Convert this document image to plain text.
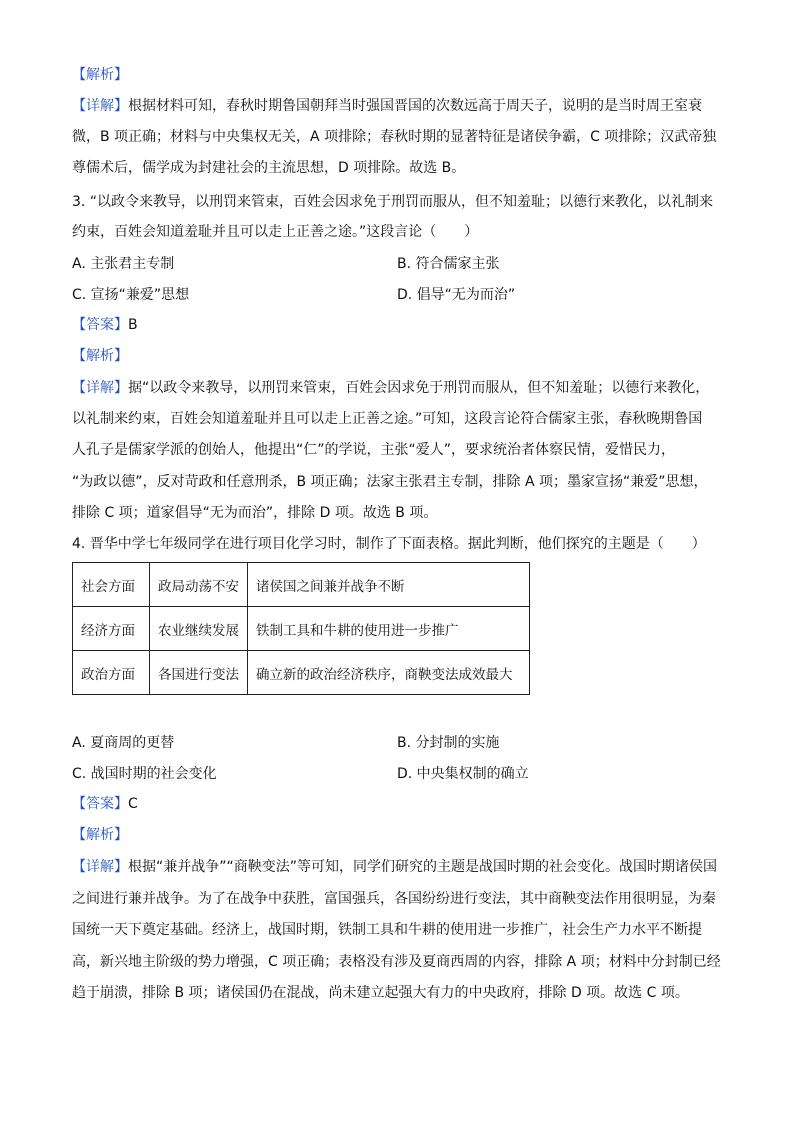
【解析】
【详解】根据材料可知，春秋时期鲁国朝拜当时强国晋国的次数远高于周天子，说明的是当时周王室衰
微，B 项正确；材料与中央集权无关，A 项排除；春秋时期的显著特征是诸侯争霸，C 项排除；汉武帝独
尊儒术后，儒学成为封建社会的主流思想，D 项排除。故选 B。
3. “以政令来教导，以刑罚来管束，百姓会因求免于刑罚而服从，但不知羞耻；以德行来教化，以礼制来
约束，百姓会知道羞耻并且可以走上正善之途。”这段言论（　　）
A. 主张君主专制	B. 符合儒家主张
C. 宣扬“兼爱”思想	D. 倡导“无为而治”
【答案】B
【解析】
【详解】据“以政令来教导，以刑罚来管束，百姓会因求免于刑罚而服从，但不知羞耻；以德行来教化，
以礼制来约束，百姓会知道羞耻并且可以走上正善之途。”可知，这段言论符合儒家主张，春秋晚期鲁国
人孔子是儒家学派的创始人，他提出“仁”的学说，主张“爱人”，要求统治者体察民情，爱惜民力，
“为政以德”，反对苛政和任意刑杀，B 项正确；法家主张君主专制，排除 A 项；墨家宣扬“兼爱”思想，
排除 C 项；道家倡导“无为而治”，排除 D 项。故选 B 项。
4. 晋华中学七年级同学在进行项目化学习时，制作了下面表格。据此判断，他们探究的主题是（　　）
社会方面	政局动荡不安	诸侯国之间兼并战争不断
经济方面	农业继续发展	铁制工具和牛耕的使用进一步推广
政治方面	各国进行变法	确立新的政治经济秩序，商鞅变法成效最大
A. 夏商周的更替	B. 分封制的实施
C. 战国时期的社会变化	D. 中央集权制的确立
【答案】C
【解析】
【详解】根据“兼并战争”“商鞅变法”等可知，同学们研究的主题是战国时期的社会变化。战国时期诸侯国
之间进行兼并战争。为了在战争中获胜，富国强兵，各国纷纷进行变法，其中商鞅变法作用很明显，为秦
国统一天下奠定基础。经济上，战国时期，铁制工具和牛耕的使用进一步推广，社会生产力水平不断提
高，新兴地主阶级的势力增强，C 项正确；表格没有涉及夏商西周的内容，排除 A 项；材料中分封制已经
趋于崩溃，排除 B 项；诸侯国仍在混战，尚未建立起强大有力的中央政府，排除 D 项。故选 C 项。
